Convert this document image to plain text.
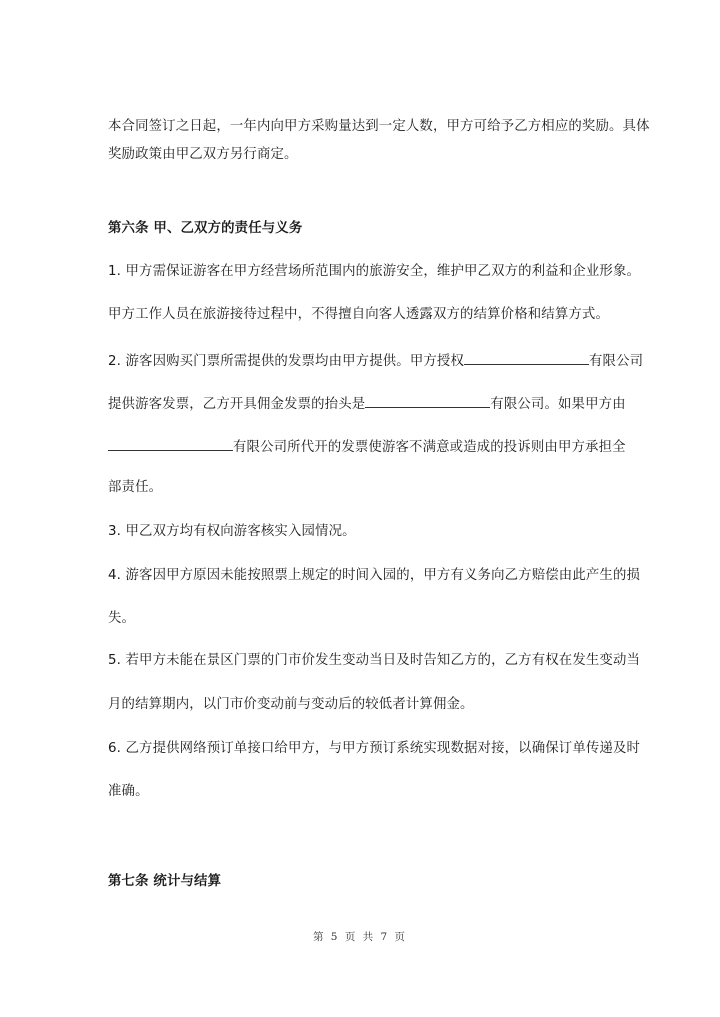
本合同签订之日起，一年内向甲方采购量达到一定人数，甲方可给予乙方相应的奖励。具体
奖励政策由甲乙双方另行商定。
第六条 甲、乙双方的责任与义务
1. 甲方需保证游客在甲方经营场所范围内的旅游安全，维护甲乙双方的利益和企业形象。
甲方工作人员在旅游接待过程中，不得擅自向客人透露双方的结算价格和结算方式。
2. 游客因购买门票所需提供的发票均由甲方提供。甲方授权	有限公司
提供游客发票，乙方开具佣金发票的抬头是	有限公司。如果甲方由
有限公司所代开的发票使游客不满意或造成的投诉则由甲方承担全
部责任。
3. 甲乙双方均有权向游客核实入园情况。
4. 游客因甲方原因未能按照票上规定的时间入园的，甲方有义务向乙方赔偿由此产生的损
失。
5. 若甲方未能在景区门票的门市价发生变动当日及时告知乙方的，乙方有权在发生变动当
月的结算期内，以门市价变动前与变动后的较低者计算佣金。
6. 乙方提供网络预订单接口给甲方，与甲方预订系统实现数据对接，以确保订单传递及时
准确。
第七条 统计与结算
第 5 页 共 7 页
